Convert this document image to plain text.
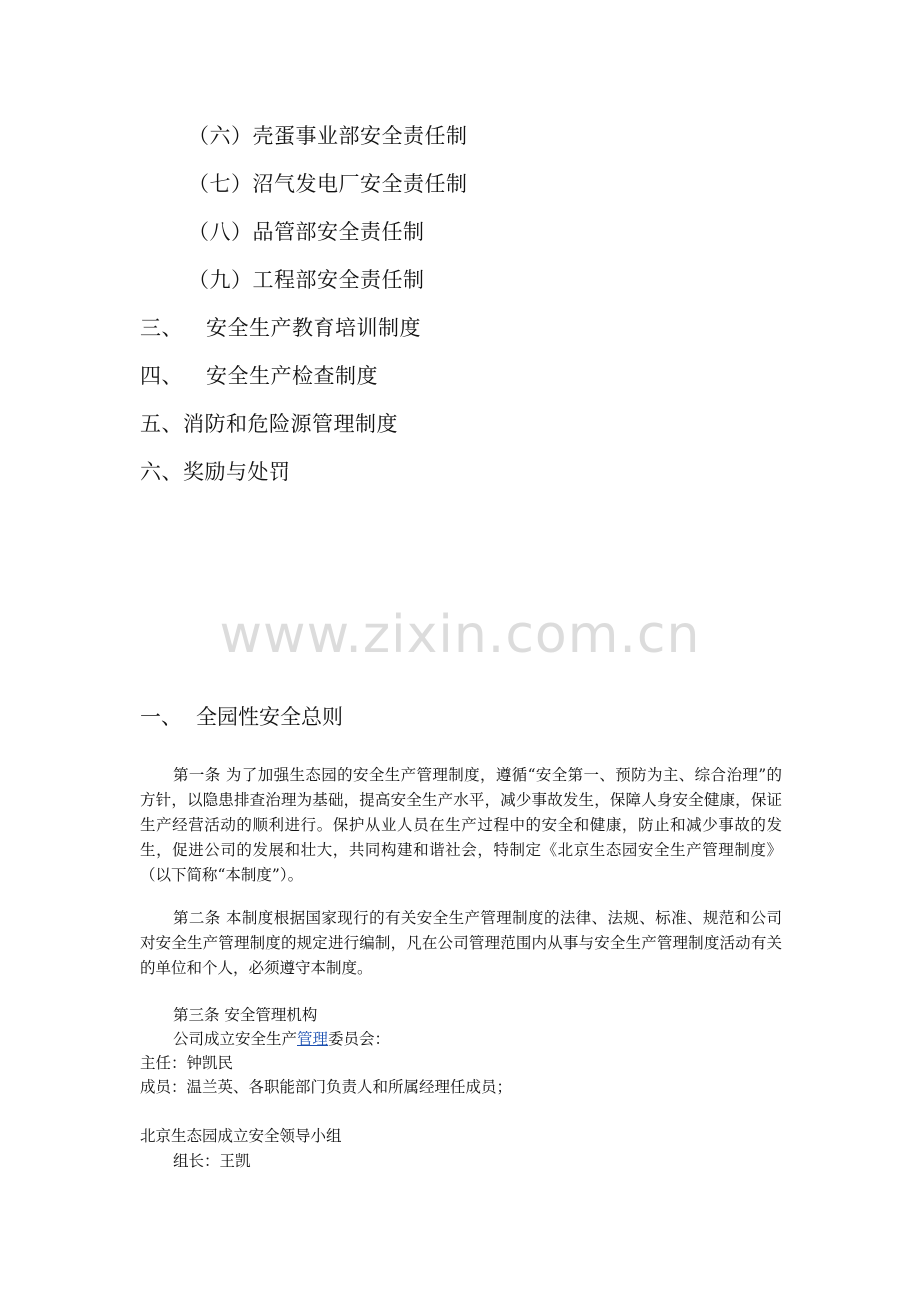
（六）壳蛋事业部安全责任制
（七）沼气发电厂安全责任制
（八）品管部安全责任制
（九）工程部安全责任制
三、 安全生产教育培训制度
四、 安全生产检查制度
五、消防和危险源管理制度
六、奖励与处罚
www.zixin.com.cn
一、 全园性安全总则
第一条 为了加强生态园的安全生产管理制度，遵循“安全第一、预防为主、综合治理”的方针，以隐患排查治理为基础，提高安全生产水平，减少事故发生，保障人身安全健康，保证生产经营活动的顺利进行。保护从业人员在生产过程中的安全和健康，防止和减少事故的发生，促进公司的发展和壮大，共同构建和谐社会，特制定《北京生态园安全生产管理制度》（以下简称“本制度”）。
第二条 本制度根据国家现行的有关安全生产管理制度的法律、法规、标准、规范和公司对安全生产管理制度的规定进行编制，凡在公司管理范围内从事与安全生产管理制度活动有关的单位和个人，必须遵守本制度。
第三条 安全管理机构
公司成立安全生产管理委员会：
主任：钟凯民
成员：温兰英、各职能部门负责人和所属经理任成员；
北京生态园成立安全领导小组
组长：王凯
